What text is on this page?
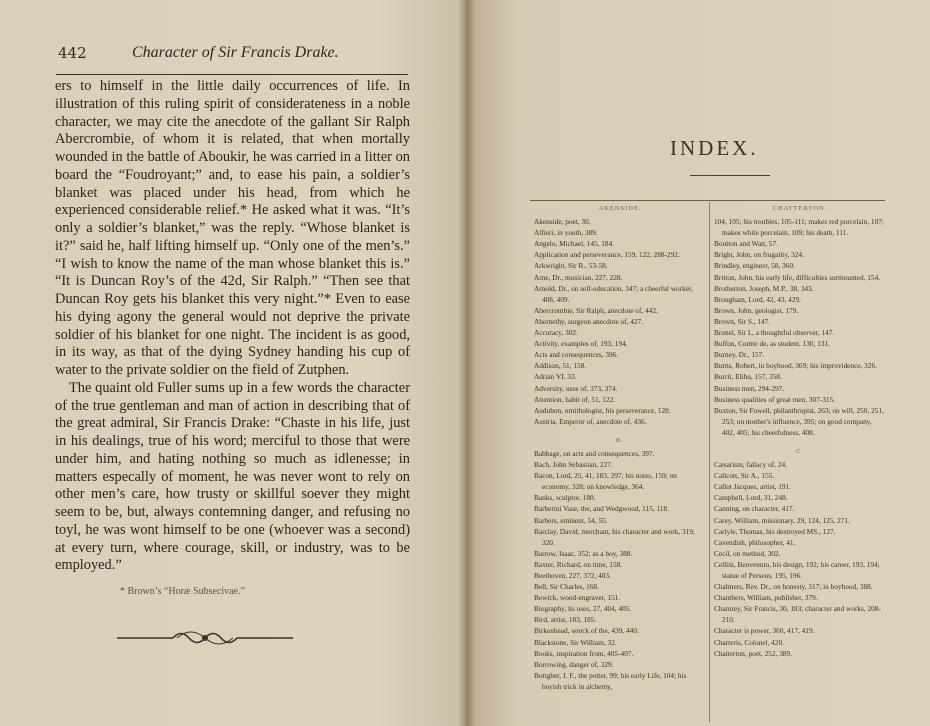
442	Character of Sir Francis Drake.

ers to himself in the little daily occurrences of life. In illustration of this ruling spirit of considerateness in a noble character, we may cite the anecdote of the gallant Sir Ralph Abercrombie, of whom it is related, that when mortally wounded in the battle of Aboukir, he was carried in a litter on board the “Foudroyant;” and, to ease his pain, a soldier’s blanket was placed under his head, from which he experienced considerable relief.* He asked what it was. “It’s only a soldier’s blanket,” was the reply. “Whose blanket is it?” said he, half lifting himself up. “Only one of the men’s.” “I wish to know the name of the man whose blanket this is.” “It is Duncan Roy’s of the 42d, Sir Ralph.” “Then see that Duncan Roy gets his blanket this very night.”* Even to ease his dying agony the general would not deprive the private soldier of his blanket for one night. The incident is as good, in its way, as that of the dying Sydney handing his cup of water to the private soldier on the field of Zutphen.

The quaint old Fuller sums up in a few words the character of the true gentleman and man of action in describing that of the great admiral, Sir Francis Drake: “Chaste in his life, just in his dealings, true of his word; merciful to those that were under him, and hating nothing so much as idlenesse; in matters especally of moment, he was never wont to rely on other men’s care, how trusty or skillful soever they might seem to be, but, always contemning danger, and refusing no toyl, he was wont himself to be one (whoever was a second) at every turn, where courage, skill, or industry, was to be employed.”

* Brown’s “Horæ Subsecivae.”
INDEX.
AKENSIDE.
Akenside, poet, 30.
Alfieri, in youth, 389.
Angelo, Michael, 145, 184.
Application and perseverance, 159, 122, 288-292.
Arkwright, Sir R., 53-58.
Arne, Dr., musician, 227, 228.
Arnold, Dr., on self-education, 347; a cheerful worker, 408, 409.
Abercrombie, Sir Ralph, anecdote of, 442.
Abernethy, surgeon anecdote of, 427.
Accuracy, 302.
Activity, examples of, 193, 194.
Acts and consequences, 396.
Addison, 51, 158.
Adrian VI. 33.
Adversity, uses of, 373, 374.
Attention, habit of, 51, 122.
Audubon, ornithologist, his perseverance, 128.
Austria, Emperor of, anecdote of, 436.
B.
Babbage, on acts and consequences, 397.
Bach, John Sebastian, 227.
Bacon, Lord, 25, 41, 183, 297; his notes, 159; on economy, 328; on knowledge, 364.
Banks, sculptor, 188.
Barberini Vase, the, and Wedgwood, 115, 118.
Barbers, eminent, 54, 55.
Barclay, David, merchant, his character and work, 319, 320.
Barrow, Isaac, 352; as a boy, 388.
Baxter, Richard, on time, 158.
Beethoven, 227, 372, 403.
Bell, Sir Charles, 168.
Bewick, wood-engraver, 151.
Biography, its uses, 27, 404, 405.
Bird, artist, 183, 185.
Birkenhead, wreck of the, 439, 440.
Blackstone, Sir William, 32.
Books, inspiration from, 405-407.
Borrowing, danger of, 329.
Bottgher, J. F., the potter, 99; his early Life, 104; his boyish trick in alchemy,
CHATTERTON.
104, 105; his troubles, 105-111; makes red porcelain, 107; makes white porcelain, 109; his death, 111.
Boulton and Watt, 57.
Bright, John, on frugality, 324.
Brindley, engineer, 58, 360.
Britton, John, his early life, difficulties surmounted, 154.
Brotherton, Joseph, M.P., 38, 343.
Brougham, Lord, 42, 43, 429.
Brown, John, geologist, 179.
Brown, Sir S., 147.
Brunel, Sir I., a thoughtful observer, 147.
Buffon, Comte de, as student, 130, 131.
Burney, Dr., 157.
Burns, Robert, in boyhood, 369; his improvidence, 326.
Burrit, Elihu, 157, 358.
Business men, 294-297.
Business qualities of great men, 307-315.
Buxton, Sir Fowell, philanthropist, 263; on will, 250, 251, 253; on mother's influence, 395; on good company, 402, 405; his cheerfulness, 408.
C.
Cæsarism, fallacy of, 24.
Callcott, Sir A., 155.
Callot Jacques, artist, 191.
Campbell, Lord, 31, 248.
Canning, on character, 417.
Carey, William, missionary, 29, 124, 125, 271.
Carlyle, Thomas, his destroyed MS., 127.
Cavendish, philosopher, 41.
Cecil, on method, 302.
Cellini, Benvenuto, his design, 192; his career, 193, 194; statue of Perseus, 195, 196.
Chalmers, Rev. Dr., on honesty, 317; in boyhood, 388.
Chambers, William, publisher, 379.
Chantrey, Sir Francis, 30, 183; character and works, 208-210.
Character is power, 360, 417, 419.
Charteris, Colonel, 420.
Chatterton, poet, 252, 389.
